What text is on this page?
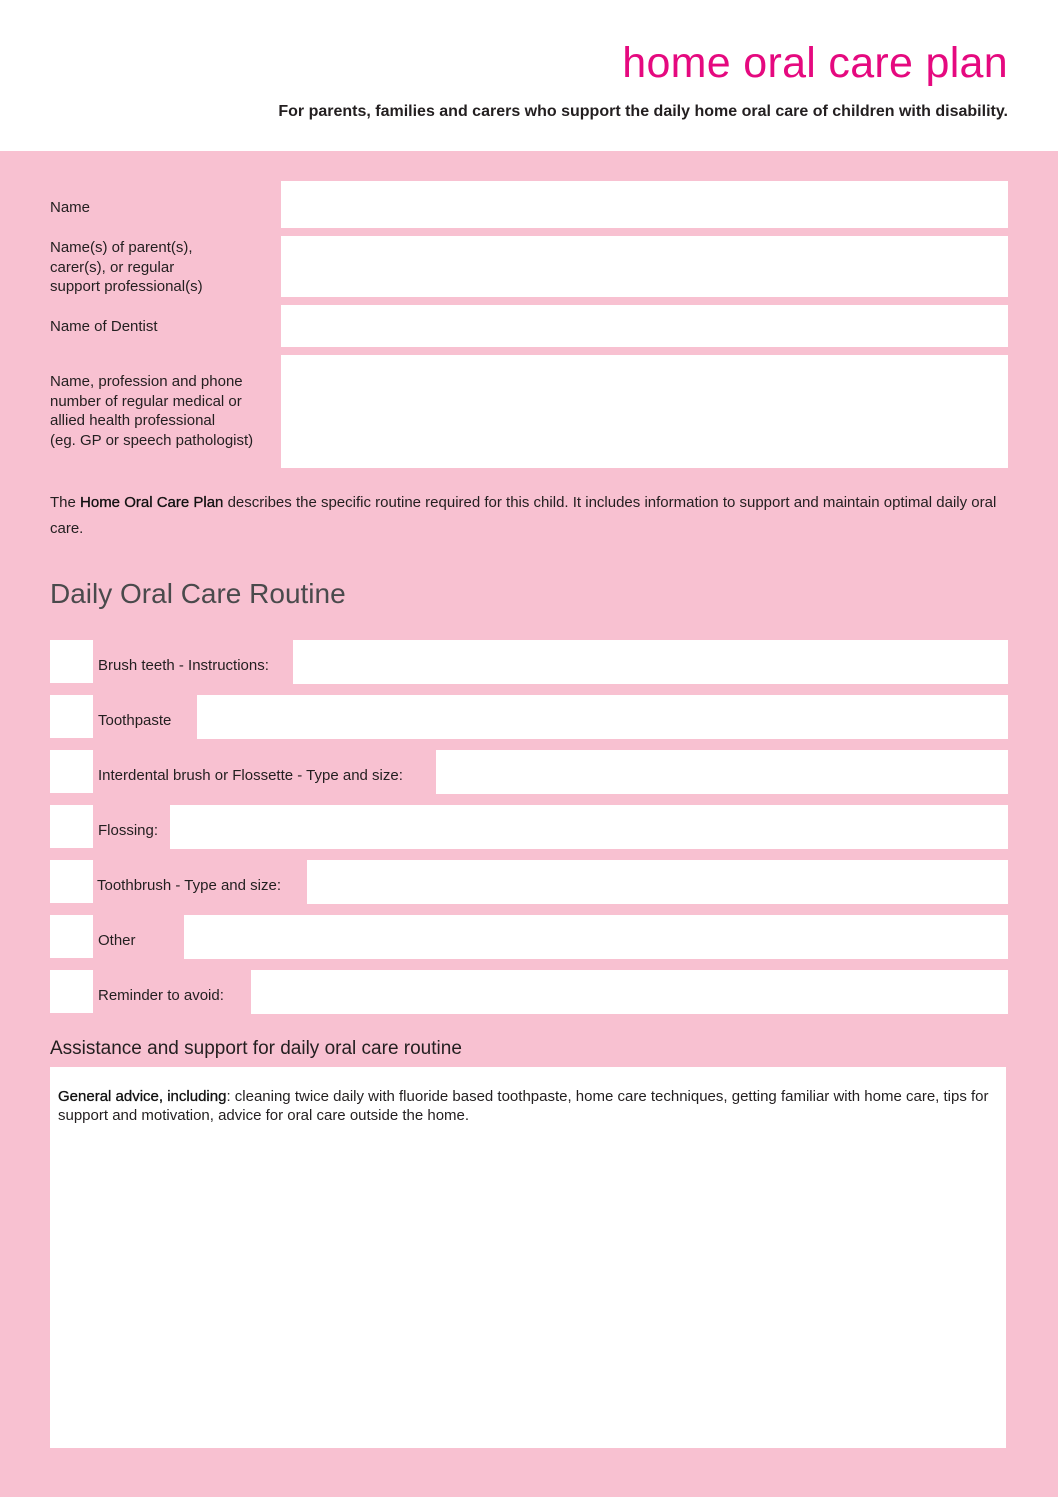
home oral care plan
For parents, families and carers who support the daily home oral care of children with disability.
Name
Name(s) of parent(s),
carer(s), or regular
support professional(s)
Name of Dentist
Name, profession and phone
number of regular medical or
allied health professional
(eg. GP or speech pathologist)
The Home Oral Care Plan describes the specific routine required for this child. It includes information to support and maintain optimal daily oral care.
Daily Oral Care Routine
Brush teeth - Instructions:
Toothpaste
Interdental brush or Flossette - Type and size:
Flossing:
Toothbrush - Type and size:
Other
Reminder to avoid:
Assistance and support for daily oral care routine
General advice, including: cleaning twice daily with fluoride based toothpaste, home care techniques, getting familiar with home care, tips for support and motivation, advice for oral care outside the home.
